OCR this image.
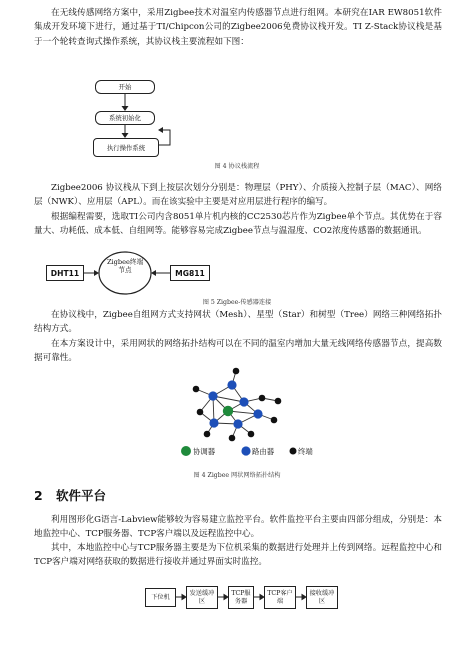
在无线传感网络方案中，采用Zigbee技术对温室内传感器节点进行组网。本研究在IAR EW8051软件集成开发环境下进行，通过基于TI/Chipcon公司的Zigbee2006免费协议栈开发。TI Z-Stack协议栈是基于一个轮转查询式操作系统，其协议栈主要流程如下图：

开始
系统初始化
执行操作系统

图 4 协议栈流程

Zigbee2006 协议栈从下到上按层次划分分别是：物理层（PHY）、介质接入控制子层（MAC）、网络层（NWK）、应用层（APL）。而在该实验中主要是对应用层进行程序的编写。

根据编程需要，选取TI公司内含8051单片机内核的CC2530芯片作为Zigbee单个节点。其优势在于容量大、功耗低、成本低、自组网等。能够容易完成Zigbee节点与温湿度、CO2浓度传感器的数据通讯。

DHT11
Zigbee终端节点	MG811

图 5 Zigbee-传感器连接

在协议栈中，Zigbee自组网方式支持网状（Mesh）、星型（Star）和树型（Tree）网络三种网络拓扑结构方式。

在本方案设计中，采用网状的网络拓扑结构可以在不同的温室内增加大量无线网络传感器节点，提高数据可靠性。

协调器	路由器	终端

图 4 Zigbee 网状网络拓扑结构

2 软件平台

利用图形化G语言-Labview能够较为容易建立监控平台。软件监控平台主要由四部分组成，分别是：本地监控中心、TCP服务器、TCP客户端以及远程监控中心。

其中，本地监控中心与TCP服务器主要是为下位机采集的数据进行处理并上传到网络。远程监控中心和TCP客户端对网络获取的数据进行接收并通过界面实时监控。

下位机
发送缓冲区
TCP服务器
TCP客户端
接收缓冲区
